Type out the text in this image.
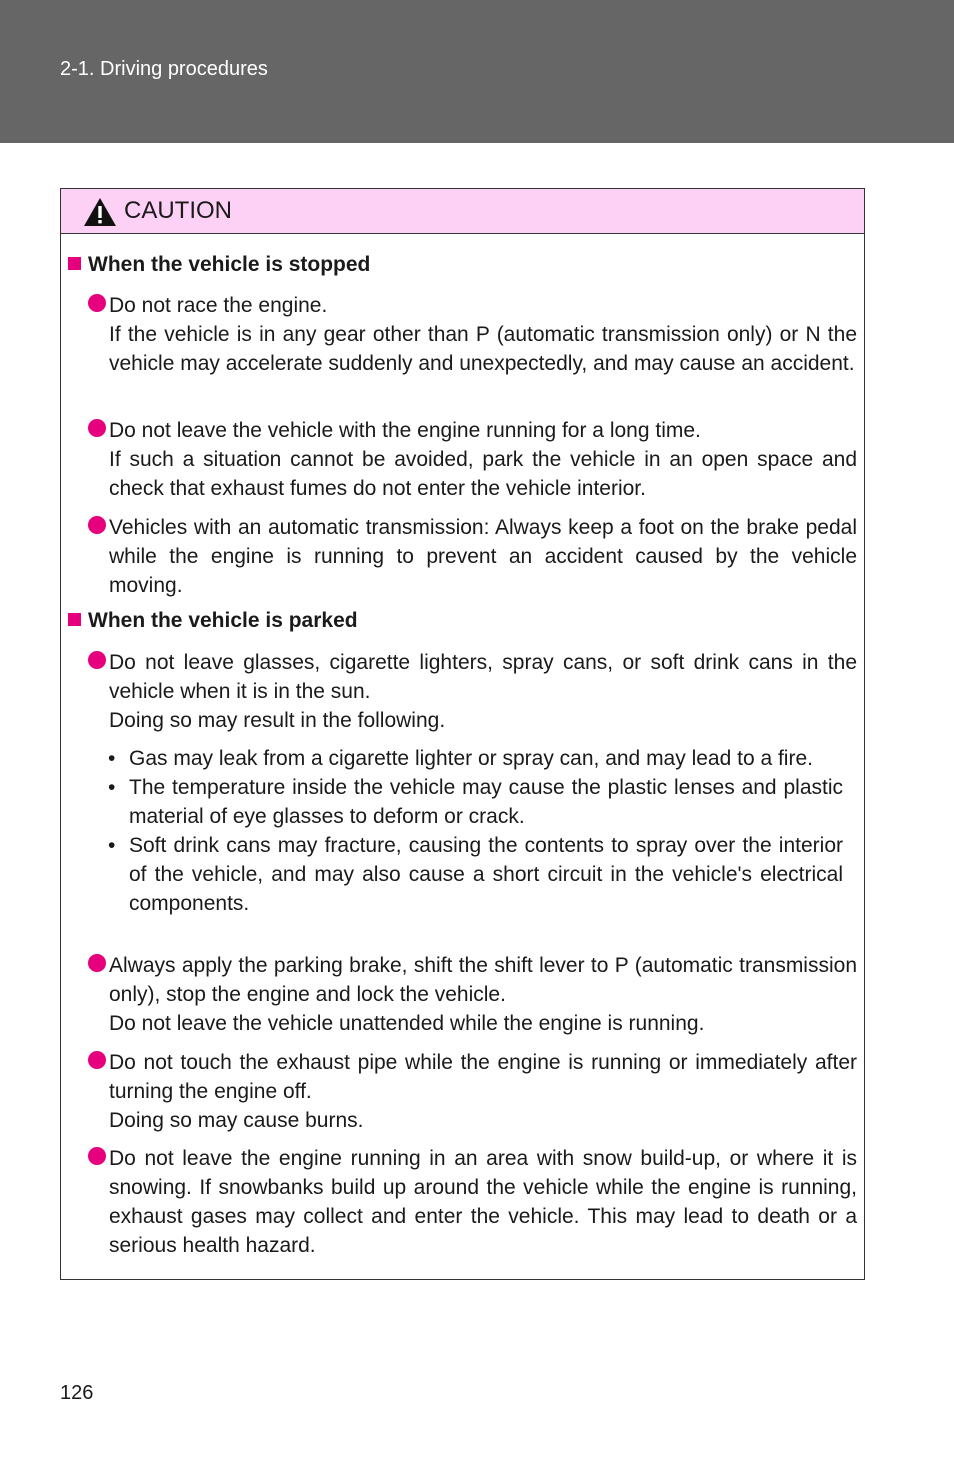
2-1. Driving procedures
CAUTION
When the vehicle is stopped

Do not race the engine.

If the vehicle is in any gear other than P (automatic transmission only) or N the vehicle may accelerate suddenly and unexpectedly, and may cause an accident.

Do not leave the vehicle with the engine running for a long time.

If such a situation cannot be avoided, park the vehicle in an open space and check that exhaust fumes do not enter the vehicle interior.

Vehicles with an automatic transmission: Always keep a foot on the brake pedal while the engine is running to prevent an accident caused by the vehicle moving.

When the vehicle is parked

Do not leave glasses, cigarette lighters, spray cans, or soft drink cans in the vehicle when it is in the sun.

Doing so may result in the following.

• Gas may leak from a cigarette lighter or spray can, and may lead to a fire.
• The temperature inside the vehicle may cause the plastic lenses and plastic material of eye glasses to deform or crack.
• Soft drink cans may fracture, causing the contents to spray over the interior of the vehicle, and may also cause a short circuit in the vehicle's electrical components.

Always apply the parking brake, shift the shift lever to P (automatic transmission only), stop the engine and lock the vehicle.

Do not leave the vehicle unattended while the engine is running.

Do not touch the exhaust pipe while the engine is running or immediately after turning the engine off.

Doing so may cause burns.

Do not leave the engine running in an area with snow build-up, or where it is snowing. If snowbanks build up around the vehicle while the engine is running, exhaust gases may collect and enter the vehicle. This may lead to death or a serious health hazard.

126
